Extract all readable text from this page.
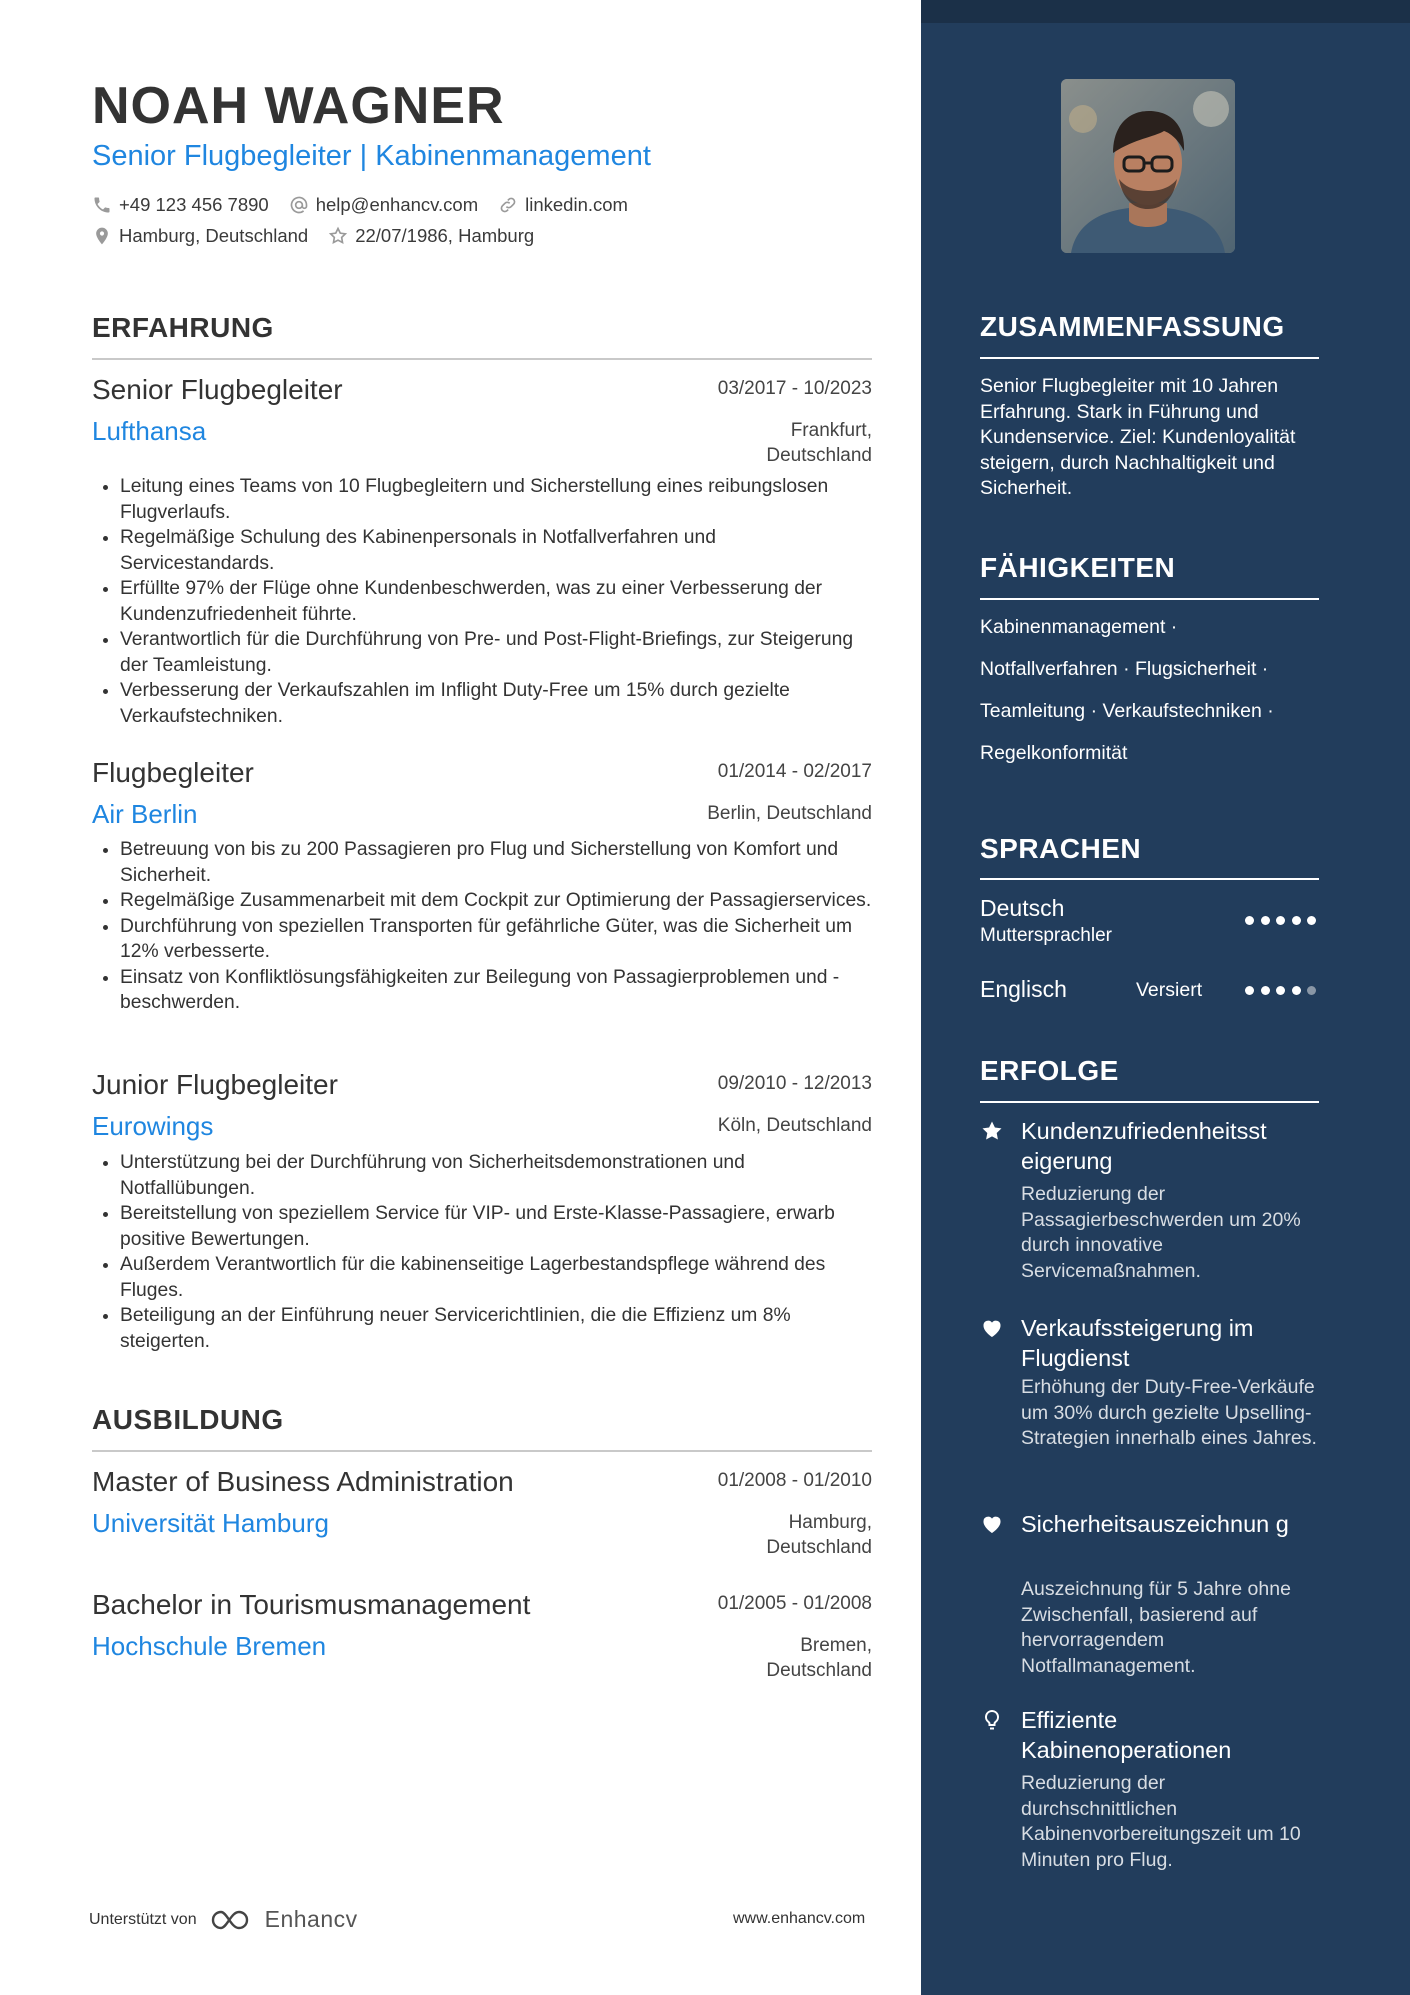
NOAH WAGNER
Senior Flugbegleiter | Kabinenmanagement
+49 123 456 7890	help@enhancv.com	linkedin.com
Hamburg, Deutschland	22/07/1986, Hamburg
ERFAHRUNG
Senior Flugbegleiter	03/2017 - 10/2023
Lufthansa	Frankfurt, Deutschland
• Leitung eines Teams von 10 Flugbegleitern und Sicherstellung eines reibungslosen Flugverlaufs.
• Regelmäßige Schulung des Kabinenpersonals in Notfallverfahren und Servicestandards.
• Erfüllte 97% der Flüge ohne Kundenbeschwerden, was zu einer Verbesserung der Kundenzufriedenheit führte.
• Verantwortlich für die Durchführung von Pre- und Post-Flight-Briefings, zur Steigerung der Teamleistung.
• Verbesserung der Verkaufszahlen im Inflight Duty-Free um 15% durch gezielte Verkaufstechniken.
Flugbegleiter	01/2014 - 02/2017
Air Berlin	Berlin, Deutschland
• Betreuung von bis zu 200 Passagieren pro Flug und Sicherstellung von Komfort und Sicherheit.
• Regelmäßige Zusammenarbeit mit dem Cockpit zur Optimierung der Passagierservices.
• Durchführung von speziellen Transporten für gefährliche Güter, was die Sicherheit um 12% verbesserte.
• Einsatz von Konfliktlösungsfähigkeiten zur Beilegung von Passagierproblemen und -beschwerden.
Junior Flugbegleiter	09/2010 - 12/2013
Eurowings	Köln, Deutschland
• Unterstützung bei der Durchführung von Sicherheitsdemonstrationen und Notfallübungen.
• Bereitstellung von speziellem Service für VIP- und Erste-Klasse-Passagiere, erwarb positive Bewertungen.
• Außerdem Verantwortlich für die kabinenseitige Lagerbestandspflege während des Fluges.
• Beteiligung an der Einführung neuer Servicerichtlinien, die die Effizienz um 8% steigerten.
AUSBILDUNG
Master of Business Administration	01/2008 - 01/2010
Universität Hamburg	Hamburg, Deutschland
Bachelor in Tourismusmanagement	01/2005 - 01/2008
Hochschule Bremen	Bremen, Deutschland
Unterstützt von	Enhancv	www.enhancv.com
ZUSAMMENFASSUNG

Senior Flugbegleiter mit 10 Jahren Erfahrung. Stark in Führung und Kundenservice. Ziel: Kundenloyalität steigern, durch Nachhaltigkeit und Sicherheit.

FÄHIGKEITEN
Kabinenmanagement ·
Notfallverfahren · Flugsicherheit ·
Teamleitung · Verkaufstechniken ·
Regelkonformität
SPRACHEN
Deutsch
Muttersprachler
Englisch	Versiert
ERFOLGE

Kundenzufriedenheitsst eigerung

Reduzierung der Passagierbeschwerden um 20% durch innovative Servicemaßnahmen.

Verkaufssteigerung im Flugdienst

Erhöhung der Duty-Free-Verkäufe um 30% durch gezielte Upselling-Strategien innerhalb eines Jahres.

Sicherheitsauszeichnun g

Auszeichnung für 5 Jahre ohne Zwischenfall, basierend auf hervorragendem Notfallmanagement.

Effiziente Kabinenoperationen

Reduzierung der durchschnittlichen Kabinenvorbereitungszeit um 10 Minuten pro Flug.
